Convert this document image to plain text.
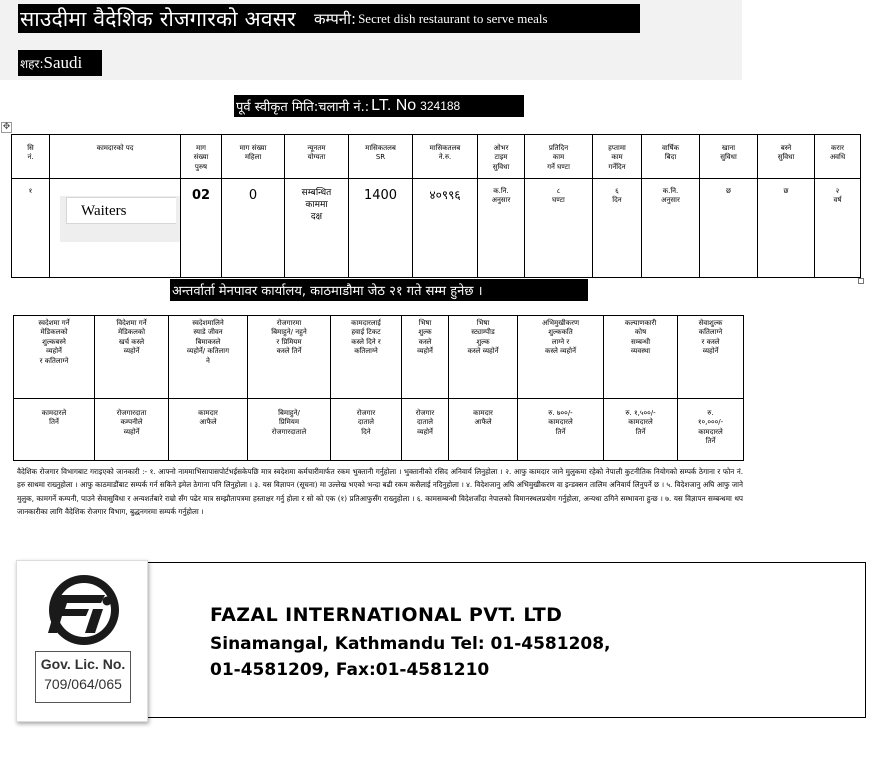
साउदीमा वैदेशिक रोजगारको अवसर कम्पनी: Secret dish restaurant to serve meals
शहर: Saudi
पूर्व स्वीकृत मिति:चलानी नं.: LT. No 324188
✥
सि
नं.	कामदारको पद	माग
संख्या
पुरुष	माग संख्या
महिला	न्यूनतम
योग्यता	मासिकतलब
SR	मासिकतलब
ने.रु.	ओभर
टाइम
सुविधा	प्रतिदिन
काम
गर्ने घण्टा	हप्तामा
काम
गर्नेदिन	वार्षिक
बिदा	खाना
सुविधा	बस्ने
सुविधा	करार
अवधि
१	Waiters	02	0	सम्बन्धित
काममा
दक्ष	1400	४०९९६	क.नि.
अनुसार	८
घण्टा	६
दिन	क.नि.
अनुसार	छ	छ	२
वर्ष
अन्तर्वार्ता मेनपावर कार्यालय, काठमाडौमा जेठ २१ गते सम्म हुनेछ ।
स्वदेशमा गर्ने
मेडिकलको
शुल्कबस्ने
व्यहोर्ने
र कतिलाग्ने	विदेशमा गर्ने
मेडिकलको
खर्च कस्ले
व्यहोर्ने	स्वदेशमालिने
स्याडे जीवन
बिमाकस्ले
व्यहोर्ने/ कतिलाग
ने	रोजगारमा
बिमाहुने/ नहुने
र प्रिमियम
कस्ले तिर्ने	कामदारलाई
हवाई टिकट
कस्ले दिने र
कतिलाग्ने	भिषा
शुल्क
कस्ले
व्यहोर्ने	भिषा
स्ट्याम्पीड
शुल्क
कस्ले व्यहोर्ने	अभिमुखीकरण
शुल्ककति
लाग्ने र
कस्ले व्यहोर्ने	कल्याणकारी
कोष
सम्बन्धी
व्यवस्था	सेवाशुल्क
कतिलाग्ने
र कस्ले
व्यहोर्ने
कामदारले
तिर्ने	रोजगारदाता
कम्पनीले
व्यहोर्ने	कामदार
आफैले	बिमाहुने/
प्रिमियम
रोजगारदाताले	रोजगार
दाताले
दिने	रोजगार
दाताले
व्यहोर्ने	कामदार
आफैले	रु. ७००/-
कामदारले
तिर्ने	रु. १,५००/-
कामदारले
तिर्ने	रु.
१०,०००/-
कामदारले
तिर्ने

वैदेशिक रोजगार विभागबाट गराइएको जानकारी :- १. आफ्नो नाममाभिसापासपोर्टभईसकेपछि मात्र स्वदेशमा कर्मचारीमार्फत रकम भुक्तानी गर्नुहोला । भुक्तानीको रसिद अनिवार्य लिनुहोला । २. आफु कामदार जाने मुलुकमा रहेको नेपाली कुटनीतिक नियोगको सम्पर्क ठेगाना र फोन नं. हरु साथमा राख्नुहोला । आफु काठमाडौंबाट सम्पर्क गर्न सकिने इमेल ठेगाना पनि लिनुहोला । ३. यस विज्ञापन (सूचना) मा उल्लेख भएको भन्दा बढी रकम कसैलाई नदिनुहोला । ४. विदेशजानु अघि अभिमुखीकरण वा इन्डक्सन तालिम अनिवार्य लिनुपर्ने छ । ५. विदेशजानु अघि आफु जाने मुलुक, कामगर्ने कम्पनी, पाउने सेवासुविधा र अन्यशर्तबारे राम्रो सँग पढेर मात्र सम्झौतापत्रमा हस्ताक्षर गर्नु होला र सो को एक (१) प्रतिआफुसँग राख्नुहोला । ६. कामसम्बन्धी विदेशजाँदा नेपालको विमानस्थलप्रयोग गर्नुहोला, अन्यथा ठगिने सम्भावना हुन्छ । ७. यस विज्ञापन सम्बन्धमा थप जानकारीका लागि वैदेशिक रोजगार विभाग, बुद्धनगरमा सम्पर्क गर्नुहोला ।

Gov. Lic. No.
709/064/065
FAZAL INTERNATIONAL PVT. LTD
Sinamangal, Kathmandu Tel: 01-4581208,
01-4581209, Fax:01-4581210
